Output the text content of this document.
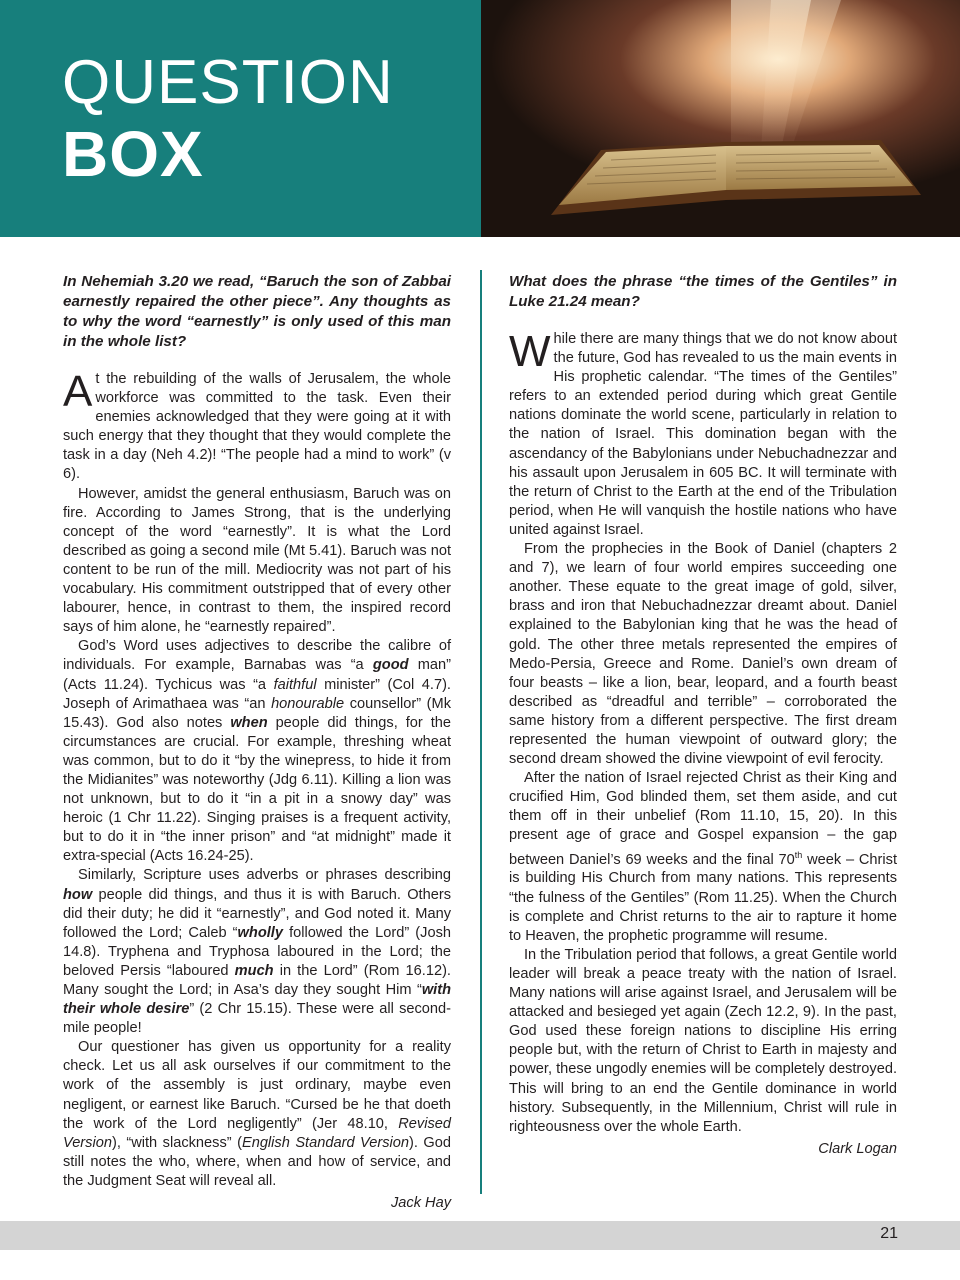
QUESTION
BOX
In Nehemiah 3.20 we read, “Baruch the son of Zabbai earnestly repaired the other piece”. Any thoughts as to why the word “earnestly” is only used of this man in the whole list?

At the rebuilding of the walls of Jerusalem, the whole workforce was committed to the task. Even their enemies acknowledged that they were going at it with such energy that they thought that they would complete the task in a day (Neh 4.2)! “The people had a mind to work” (v 6).

However, amidst the general enthusiasm, Baruch was on fire. According to James Strong, that is the underlying concept of the word “earnestly”. It is what the Lord described as going a second mile (Mt 5.41). Baruch was not content to be run of the mill. Mediocrity was not part of his vocabulary. His commitment outstripped that of every other labourer, hence, in contrast to them, the inspired record says of him alone, he “earnestly repaired”.

God’s Word uses adjectives to describe the calibre of individuals. For example, Barnabas was “a good man” (Acts 11.24). Tychicus was “a faithful minister” (Col 4.7). Joseph of Arimathaea was “an honourable counsellor” (Mk 15.43). God also notes when people did things, for the circumstances are crucial. For example, threshing wheat was common, but to do it “by the winepress, to hide it from the Midianites” was noteworthy (Jdg 6.11). Killing a lion was not unknown, but to do it “in a pit in a snowy day” was heroic (1 Chr 11.22). Singing praises is a frequent activity, but to do it in “the inner prison” and “at midnight” made it extra-special (Acts 16.24-25).

Similarly, Scripture uses adverbs or phrases describing how people did things, and thus it is with Baruch. Others did their duty; he did it “earnestly”, and God noted it. Many followed the Lord; Caleb “wholly followed the Lord” (Josh 14.8). Tryphena and Tryphosa laboured in the Lord; the beloved Persis “laboured much in the Lord” (Rom 16.12). Many sought the Lord; in Asa’s day they sought Him “with their whole desire” (2 Chr 15.15). These were all second-mile people!

Our questioner has given us opportunity for a reality check. Let us all ask ourselves if our commitment to the work of the assembly is just ordinary, maybe even negligent, or earnest like Baruch. “Cursed be he that doeth the work of the Lord negligently” (Jer 48.10, Revised Version), “with slackness” (English Standard Version). God still notes the who, where, when and how of service, and the Judgment Seat will reveal all.

Jack Hay
What does the phrase “the times of the Gentiles” in Luke 21.24 mean?

While there are many things that we do not know about the future, God has revealed to us the main events in His prophetic calendar. “The times of the Gentiles” refers to an extended period during which great Gentile nations dominate the world scene, particularly in relation to the nation of Israel. This domination began with the ascendancy of the Babylonians under Nebuchadnezzar and his assault upon Jerusalem in 605 BC. It will terminate with the return of Christ to the Earth at the end of the Tribulation period, when He will vanquish the hostile nations who have united against Israel.

From the prophecies in the Book of Daniel (chapters 2 and 7), we learn of four world empires succeeding one another. These equate to the great image of gold, silver, brass and iron that Nebuchadnezzar dreamt about. Daniel explained to the Babylonian king that he was the head of gold. The other three metals represented the empires of Medo-Persia, Greece and Rome. Daniel’s own dream of four beasts – like a lion, bear, leopard, and a fourth beast described as “dreadful and terrible” – corroborated the same history from a different perspective. The first dream represented the human viewpoint of outward glory; the second dream showed the divine viewpoint of evil ferocity.

After the nation of Israel rejected Christ as their King and crucified Him, God blinded them, set them aside, and cut them off in their unbelief (Rom 11.10, 15, 20). In this present age of grace and Gospel expansion – the gap between Daniel’s 69 weeks and the final 70th week – Christ is building His Church from many nations. This represents “the fulness of the Gentiles” (Rom 11.25). When the Church is complete and Christ returns to the air to rapture it home to Heaven, the prophetic programme will resume.

In the Tribulation period that follows, a great Gentile world leader will break a peace treaty with the nation of Israel. Many nations will arise against Israel, and Jerusalem will be attacked and besieged yet again (Zech 12.2, 9). In the past, God used these foreign nations to discipline His erring people but, with the return of Christ to Earth in majesty and power, these ungodly enemies will be completely destroyed. This will bring to an end the Gentile dominance in world history. Subsequently, in the Millennium, Christ will rule in righteousness over the whole Earth.

Clark Logan
21
